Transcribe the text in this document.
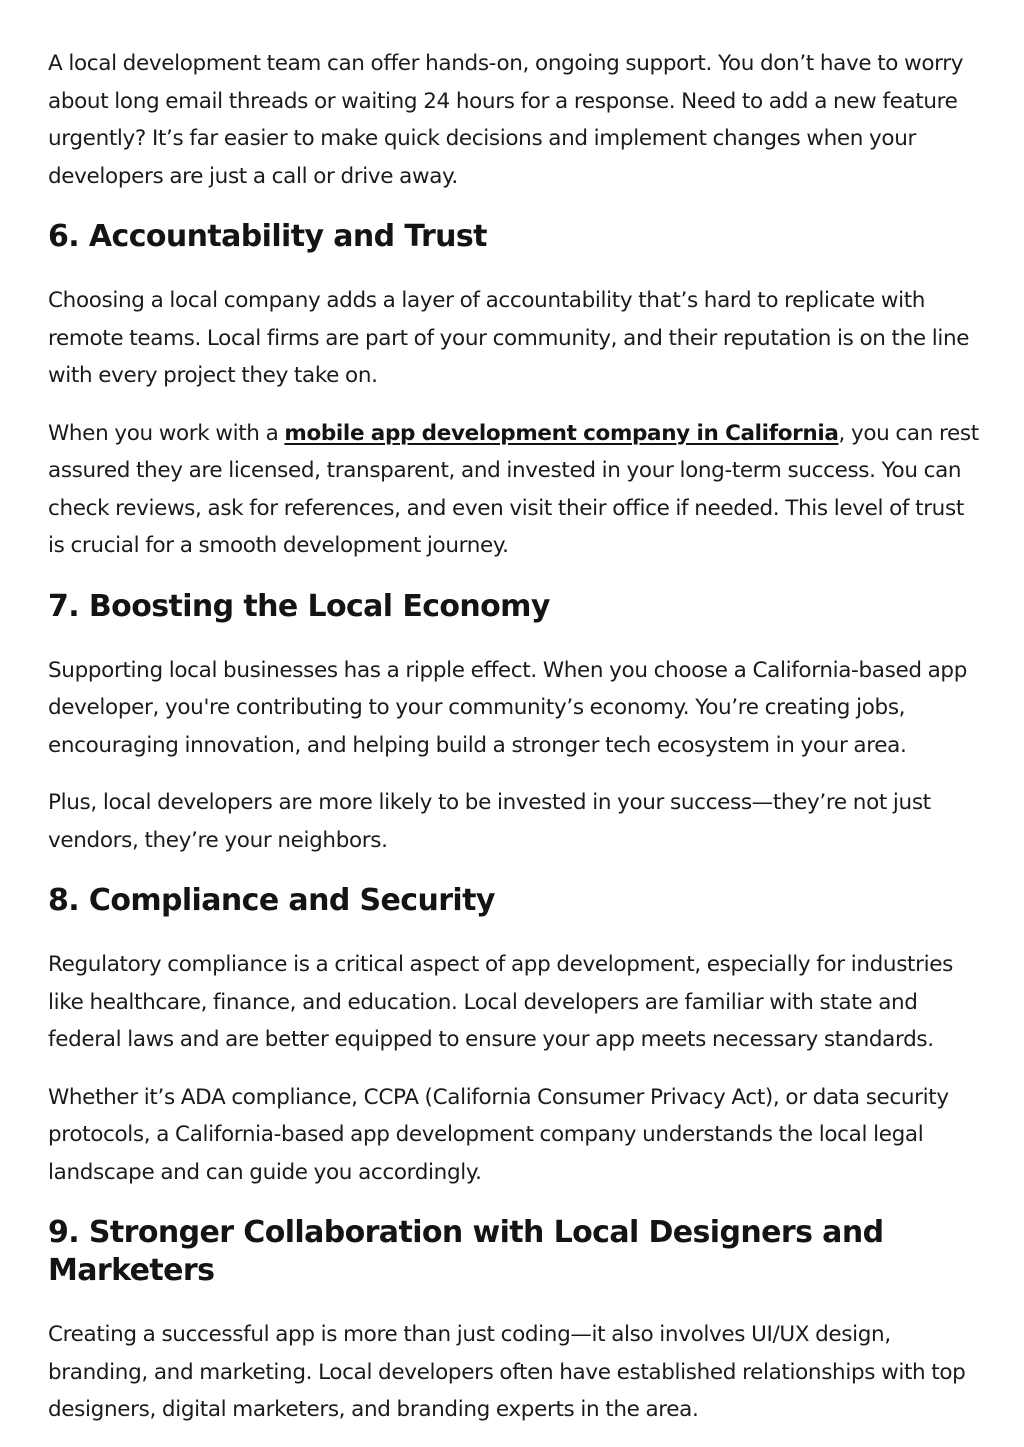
A local development team can offer hands-on, ongoing support. You don’t have to worry about long email threads or waiting 24 hours for a response. Need to add a new feature urgently? It’s far easier to make quick decisions and implement changes when your developers are just a call or drive away.

6. Accountability and Trust

Choosing a local company adds a layer of accountability that’s hard to replicate with remote teams. Local firms are part of your community, and their reputation is on the line with every project they take on.

When you work with a mobile app development company in California, you can rest assured they are licensed, transparent, and invested in your long-term success. You can check reviews, ask for references, and even visit their office if needed. This level of trust is crucial for a smooth development journey.

7. Boosting the Local Economy

Supporting local businesses has a ripple effect. When you choose a California-based app developer, you're contributing to your community’s economy. You’re creating jobs, encouraging innovation, and helping build a stronger tech ecosystem in your area.

Plus, local developers are more likely to be invested in your success—they’re not just vendors, they’re your neighbors.

8. Compliance and Security

Regulatory compliance is a critical aspect of app development, especially for industries like healthcare, finance, and education. Local developers are familiar with state and federal laws and are better equipped to ensure your app meets necessary standards.

Whether it’s ADA compliance, CCPA (California Consumer Privacy Act), or data security protocols, a California-based app development company understands the local legal landscape and can guide you accordingly.

9. Stronger Collaboration with Local Designers and Marketers

Creating a successful app is more than just coding—it also involves UI/UX design, branding, and marketing. Local developers often have established relationships with top designers, digital marketers, and branding experts in the area.
